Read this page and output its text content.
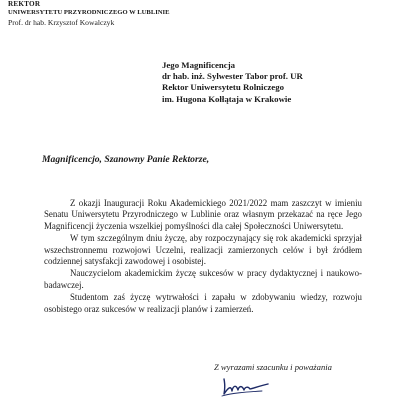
REKTOR
UNIWERSYTETU PRZYRODNICZEGO W LUBLINIE
Prof. dr hab. Krzysztof Kowalczyk
Jego Magnificencja
dr hab. inż. Sylwester Tabor prof. UR
Rektor Uniwersytetu Rolniczego
im. Hugona Kołłątaja w Krakowie
Magnificencjo, Szanowny Panie Rektorze,

Z okazji Inauguracji Roku Akademickiego 2021/2022 mam zaszczyt w imieniu Senatu Uniwersytetu Przyrodniczego w Lublinie oraz własnym przekazać na ręce Jego Magnificencji życzenia wszelkiej pomyślności dla całej Społeczności Uniwersytetu.

W tym szczególnym dniu życzę, aby rozpoczynający się rok akademicki sprzyjał wszechstronnemu rozwojowi Uczelni, realizacji zamierzonych celów i był źródłem codziennej satysfakcji zawodowej i osobistej.

Nauczycielom akademickim życzę sukcesów w pracy dydaktycznej i naukowo-badawczej.

Studentom zaś życzę wytrwałości i zapału w zdobywaniu wiedzy, rozwoju osobistego oraz sukcesów w realizacji planów i zamierzeń.

Z wyrazami szacunku i poważania
